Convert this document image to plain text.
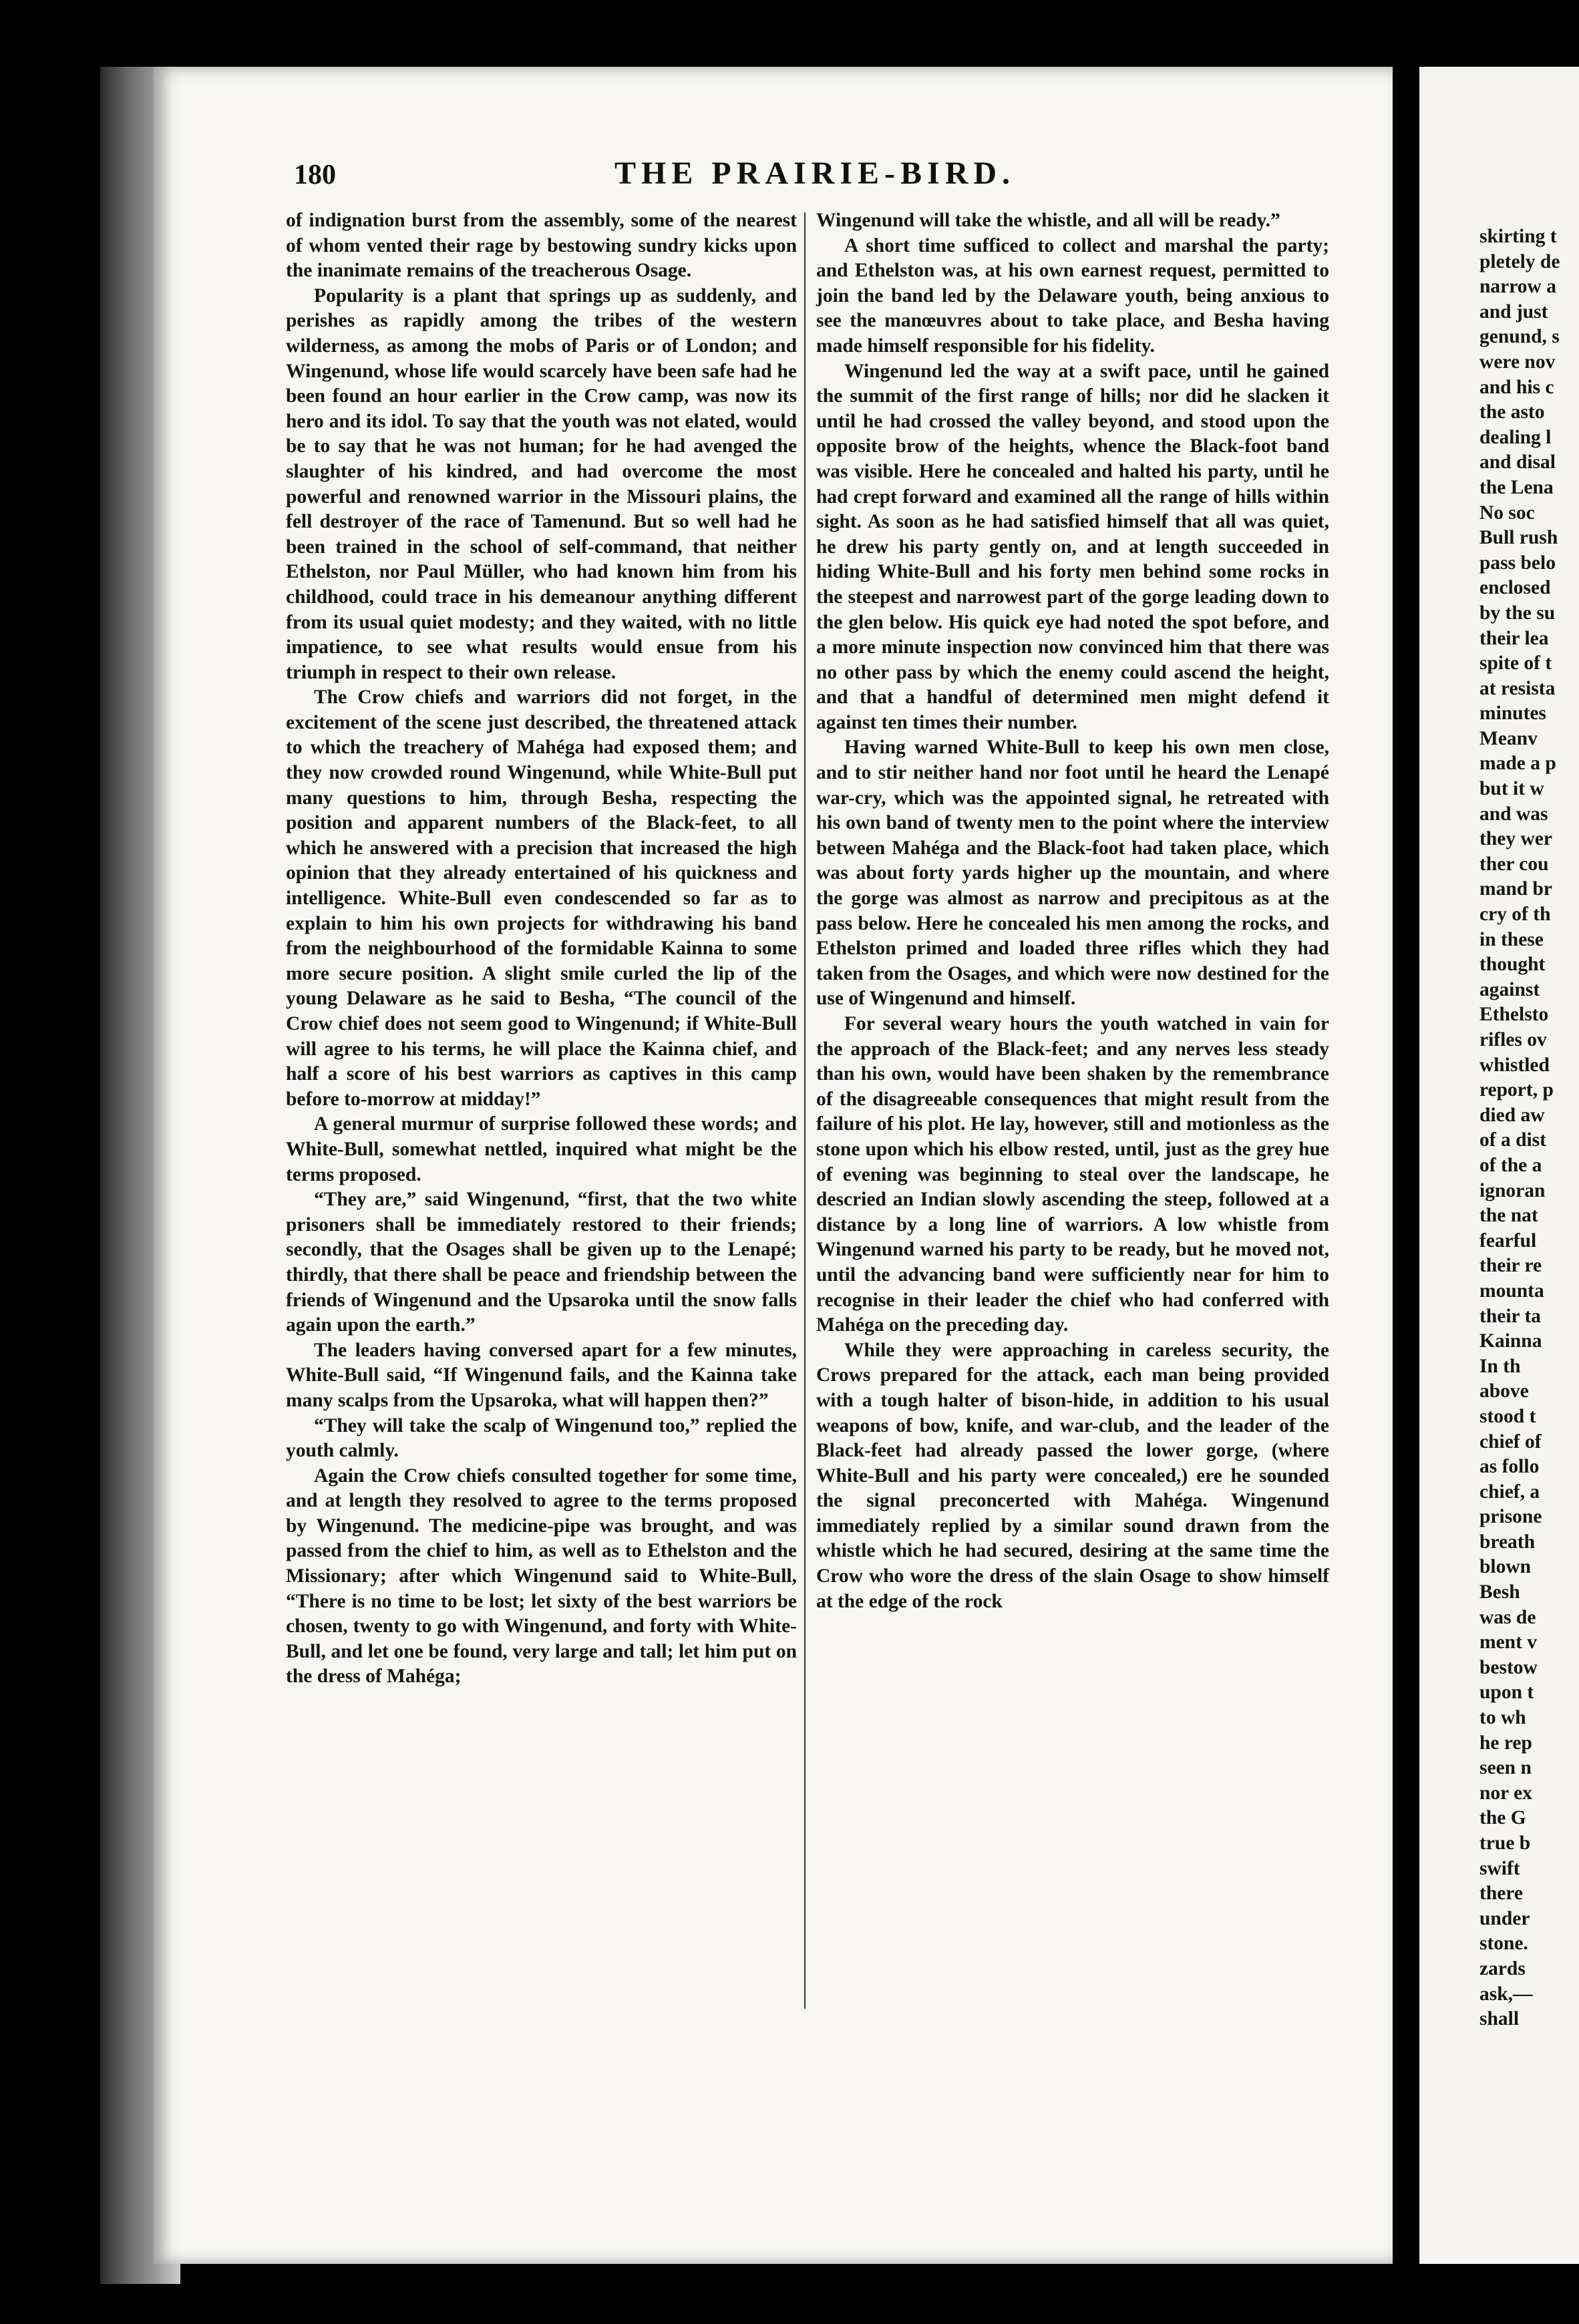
180	THE PRAIRIE-BIRD.

of indignation burst from the assembly, some of the nearest of whom vented their rage by bestowing sundry kicks upon the inanimate remains of the treacherous Osage.

Popularity is a plant that springs up as suddenly, and perishes as rapidly among the tribes of the western wilderness, as among the mobs of Paris or of London; and Wingenund, whose life would scarcely have been safe had he been found an hour earlier in the Crow camp, was now its hero and its idol. To say that the youth was not elated, would be to say that he was not human; for he had avenged the slaughter of his kindred, and had overcome the most powerful and renowned warrior in the Missouri plains, the fell destroyer of the race of Tamenund. But so well had he been trained in the school of self-command, that neither Ethelston, nor Paul Müller, who had known him from his childhood, could trace in his demeanour anything different from its usual quiet modesty; and they waited, with no little impatience, to see what results would ensue from his triumph in respect to their own release.

The Crow chiefs and warriors did not forget, in the excitement of the scene just described, the threatened attack to which the treachery of Mahéga had exposed them; and they now crowded round Wingenund, while White-Bull put many questions to him, through Besha, respecting the position and apparent numbers of the Black-feet, to all which he answered with a precision that increased the high opinion that they already entertained of his quickness and intelligence. White-Bull even condescended so far as to explain to him his own projects for withdrawing his band from the neighbourhood of the formidable Kainna to some more secure position. A slight smile curled the lip of the young Delaware as he said to Besha, “The council of the Crow chief does not seem good to Wingenund; if White-Bull will agree to his terms, he will place the Kainna chief, and half a score of his best warriors as captives in this camp before to-morrow at midday!”

A general murmur of surprise followed these words; and White-Bull, somewhat nettled, inquired what might be the terms proposed.

“They are,” said Wingenund, “first, that the two white prisoners shall be immediately restored to their friends; secondly, that the Osages shall be given up to the Lenapé; thirdly, that there shall be peace and friendship between the friends of Wingenund and the Upsaroka until the snow falls again upon the earth.”

The leaders having conversed apart for a few minutes, White-Bull said, “If Wingenund fails, and the Kainna take many scalps from the Upsaroka, what will happen then?”

“They will take the scalp of Wingenund too,” replied the youth calmly.

Again the Crow chiefs consulted together for some time, and at length they resolved to agree to the terms proposed by Wingenund. The medicine-pipe was brought, and was passed from the chief to him, as well as to Ethelston and the Missionary; after which Wingenund said to White-Bull, “There is no time to be lost; let sixty of the best warriors be chosen, twenty to go with Wingenund, and forty with White-Bull, and let one be found, very large and tall; let him put on the dress of Mahéga;

Wingenund will take the whistle, and all will be ready.”

A short time sufficed to collect and marshal the party; and Ethelston was, at his own earnest request, permitted to join the band led by the Delaware youth, being anxious to see the manœuvres about to take place, and Besha having made himself responsible for his fidelity.

Wingenund led the way at a swift pace, until he gained the summit of the first range of hills; nor did he slacken it until he had crossed the valley beyond, and stood upon the opposite brow of the heights, whence the Black-foot band was visible. Here he concealed and halted his party, until he had crept forward and examined all the range of hills within sight. As soon as he had satisfied himself that all was quiet, he drew his party gently on, and at length succeeded in hiding White-Bull and his forty men behind some rocks in the steepest and narrowest part of the gorge leading down to the glen below. His quick eye had noted the spot before, and a more minute inspection now convinced him that there was no other pass by which the enemy could ascend the height, and that a handful of determined men might defend it against ten times their number.

Having warned White-Bull to keep his own men close, and to stir neither hand nor foot until he heard the Lenapé war-cry, which was the appointed signal, he retreated with his own band of twenty men to the point where the interview between Mahéga and the Black-foot had taken place, which was about forty yards higher up the mountain, and where the gorge was almost as narrow and precipitous as at the pass below. Here he concealed his men among the rocks, and Ethelston primed and loaded three rifles which they had taken from the Osages, and which were now destined for the use of Wingenund and himself.

For several weary hours the youth watched in vain for the approach of the Black-feet; and any nerves less steady than his own, would have been shaken by the remembrance of the disagreeable consequences that might result from the failure of his plot. He lay, however, still and motionless as the stone upon which his elbow rested, until, just as the grey hue of evening was beginning to steal over the landscape, he descried an Indian slowly ascending the steep, followed at a distance by a long line of warriors. A low whistle from Wingenund warned his party to be ready, but he moved not, until the advancing band were sufficiently near for him to recognise in their leader the chief who had conferred with Mahéga on the preceding day.

While they were approaching in careless security, the Crows prepared for the attack, each man being provided with a tough halter of bison-hide, in addition to his usual weapons of bow, knife, and war-club, and the leader of the Black-feet had already passed the lower gorge, (where White-Bull and his party were concealed,) ere he sounded the signal preconcerted with Mahéga. Wingenund immediately replied by a similar sound drawn from the whistle which he had secured, desiring at the same time the Crow who wore the dress of the slain Osage to show himself at the edge of the rock

skirting t
pletely de
narrow a
and just
genund, s
were nov
and his c
the asto
dealing l
and disal
the Lena
No soc
Bull rush
pass belo
enclosed
by the su
their lea
spite of t
at resista
minutes
Meanv
made a p
but it w
and was
they wer
ther cou
mand br
cry of th
in these
thought
against
Ethelsto
rifles ov
whistled
report, p
died aw
of a dist
of the a
ignoran
the nat
fearful
their re
mounta
their ta
Kainna
In th
above
stood t
chief of
as follo
chief, a
prisone
breath
blown
Besh
was de
ment v
bestow
upon t
to wh
he rep
seen n
nor ex
the G
true b
swift
there
under
stone.
zards
ask,—
shall
